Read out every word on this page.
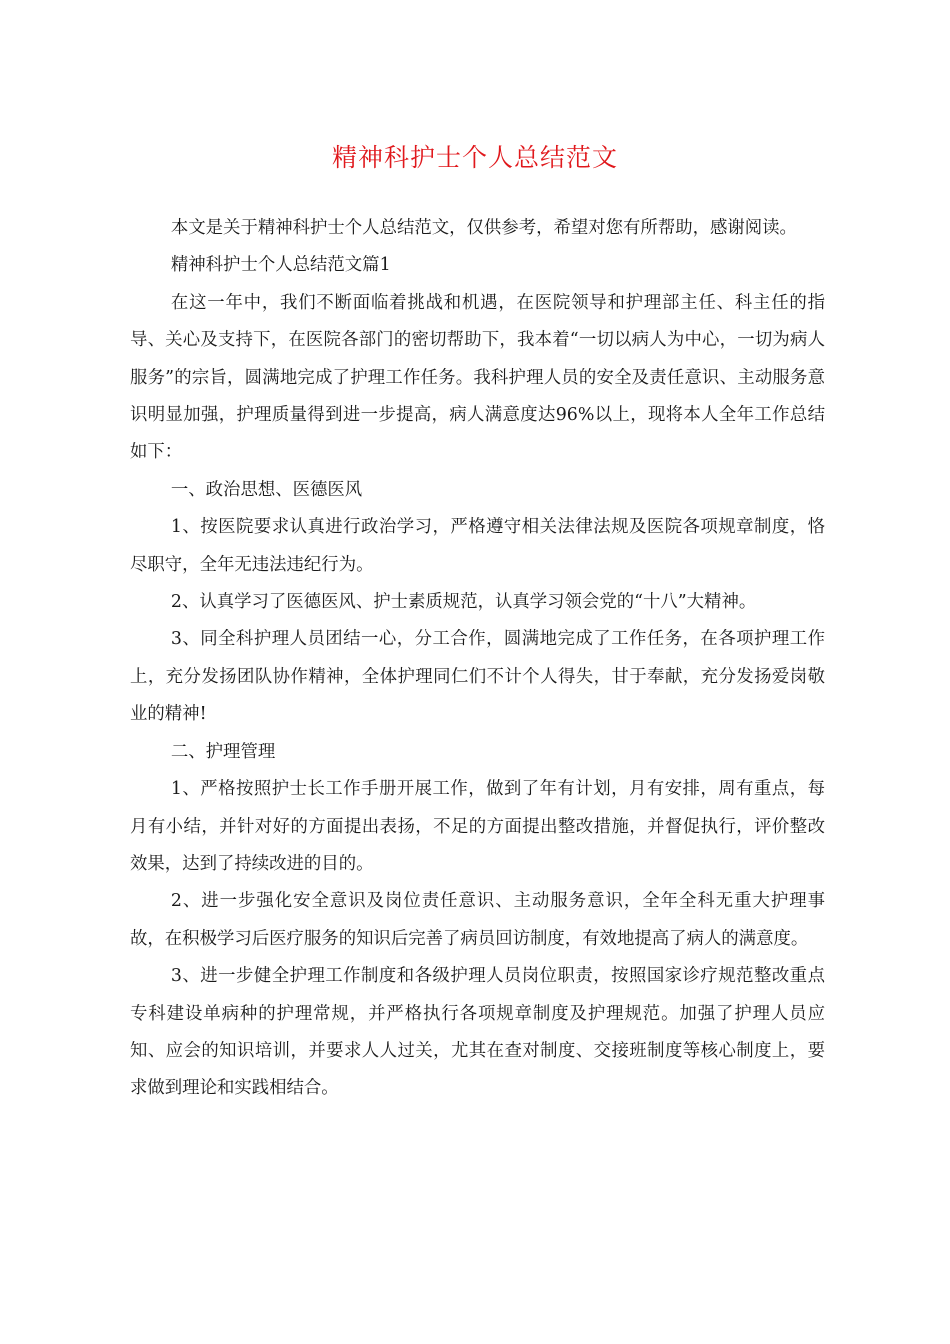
精神科护士个人总结范文

本文是关于精神科护士个人总结范文，仅供参考，希望对您有所帮助，感谢阅读。

精神科护士个人总结范文篇1

在这一年中，我们不断面临着挑战和机遇，在医院领导和护理部主任、科主任的指导、关心及支持下，在医院各部门的密切帮助下，我本着“一切以病人为中心，一切为病人服务”的宗旨，圆满地完成了护理工作任务。我科护理人员的安全及责任意识、主动服务意识明显加强，护理质量得到进一步提高，病人满意度达96%以上，现将本人全年工作总结如下：

一、政治思想、医德医风

1、按医院要求认真进行政治学习，严格遵守相关法律法规及医院各项规章制度，恪尽职守，全年无违法违纪行为。

2、认真学习了医德医风、护士素质规范，认真学习领会党的“十八”大精神。

3、同全科护理人员团结一心，分工合作，圆满地完成了工作任务，在各项护理工作上，充分发扬团队协作精神，全体护理同仁们不计个人得失，甘于奉献，充分发扬爱岗敬业的精神!

二、护理管理

1、严格按照护士长工作手册开展工作，做到了年有计划，月有安排，周有重点，每月有小结，并针对好的方面提出表扬，不足的方面提出整改措施，并督促执行，评价整改效果，达到了持续改进的目的。

2、进一步强化安全意识及岗位责任意识、主动服务意识，全年全科无重大护理事故，在积极学习后医疗服务的知识后完善了病员回访制度，有效地提高了病人的满意度。

3、进一步健全护理工作制度和各级护理人员岗位职责，按照国家诊疗规范整改重点专科建设单病种的护理常规，并严格执行各项规章制度及护理规范。加强了护理人员应知、应会的知识培训，并要求人人过关，尤其在查对制度、交接班制度等核心制度上，要求做到理论和实践相结合。
